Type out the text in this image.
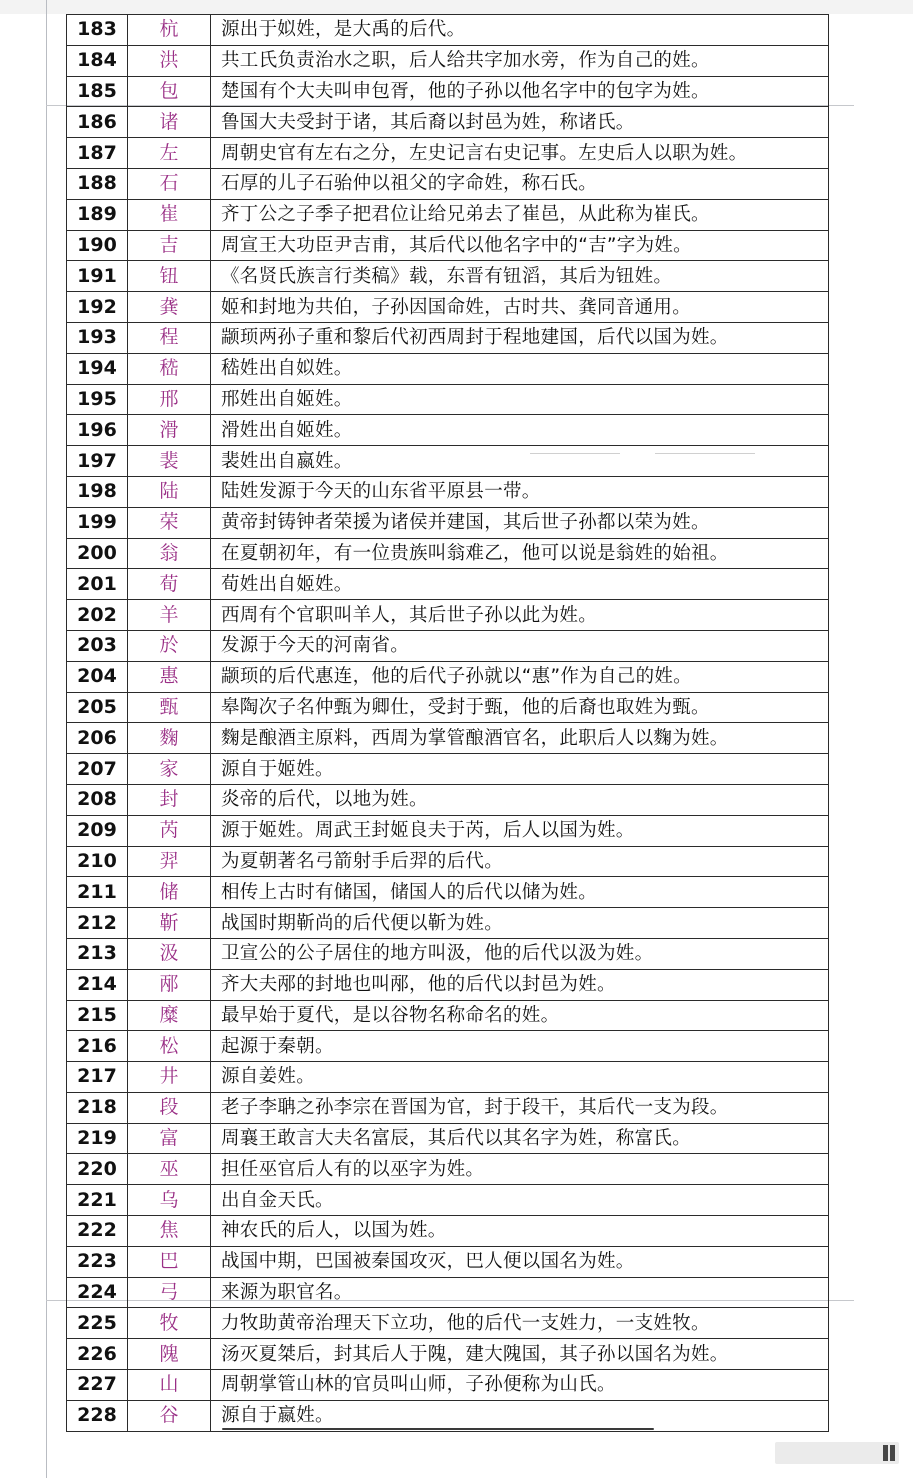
183	杭	源出于姒姓，是大禹的后代。
184	洪	共工氏负责治水之职，后人给共字加水旁，作为自己的姓。
185	包	楚国有个大夫叫申包胥，他的子孙以他名字中的包字为姓。
186	诸	鲁国大夫受封于诸，其后裔以封邑为姓，称诸氏。
187	左	周朝史官有左右之分，左史记言右史记事。左史后人以职为姓。
188	石	石厚的儿子石骀仲以祖父的字命姓，称石氏。
189	崔	齐丁公之子季子把君位让给兄弟去了崔邑，从此称为崔氏。
190	吉	周宣王大功臣尹吉甫，其后代以他名字中的“吉”字为姓。
191	钮	《名贤氏族言行类稿》载，东晋有钮滔，其后为钮姓。
192	龚	姬和封地为共伯，子孙因国命姓，古时共、龚同音通用。
193	程	颛顼两孙子重和黎后代初西周封于程地建国，后代以国为姓。
194	嵇	嵇姓出自姒姓。
195	邢	邢姓出自姬姓。
196	滑	滑姓出自姬姓。
197	裴	裴姓出自嬴姓。
198	陆	陆姓发源于今天的山东省平原县一带。
199	荣	黄帝封铸钟者荣援为诸侯并建国，其后世子孙都以荣为姓。
200	翁	在夏朝初年，有一位贵族叫翁难乙，他可以说是翁姓的始祖。
201	荀	荀姓出自姬姓。
202	羊	西周有个官职叫羊人，其后世子孙以此为姓。
203	於	发源于今天的河南省。
204	惠	颛顼的后代惠连，他的后代子孙就以“惠”作为自己的姓。
205	甄	皋陶次子名仲甄为卿仕，受封于甄，他的后裔也取姓为甄。
206	麴	麴是酿酒主原料，西周为掌管酿酒官名，此职后人以麴为姓。
207	家	源自于姬姓。
208	封	炎帝的后代，以地为姓。
209	芮	源于姬姓。周武王封姬良夫于芮，后人以国为姓。
210	羿	为夏朝著名弓箭射手后羿的后代。
211	储	相传上古时有储国，储国人的后代以储为姓。
212	靳	战国时期靳尚的后代便以靳为姓。
213	汲	卫宣公的公子居住的地方叫汲，他的后代以汲为姓。
214	邴	齐大夫邴的封地也叫邴，他的后代以封邑为姓。
215	糜	最早始于夏代，是以谷物名称命名的姓。
216	松	起源于秦朝。
217	井	源自姜姓。
218	段	老子李聃之孙李宗在晋国为官，封于段干，其后代一支为段。
219	富	周襄王敢言大夫名富辰，其后代以其名字为姓，称富氏。
220	巫	担任巫官后人有的以巫字为姓。
221	乌	出自金天氏。
222	焦	神农氏的后人，以国为姓。
223	巴	战国中期，巴国被秦国攻灭，巴人便以国名为姓。
224	弓	来源为职官名。
225	牧	力牧助黄帝治理天下立功，他的后代一支姓力，一支姓牧。
226	隗	汤灭夏桀后，封其后人于隗，建大隗国，其子孙以国名为姓。
227	山	周朝掌管山林的官员叫山师，子孙便称为山氏。
228	谷	源自于嬴姓。
